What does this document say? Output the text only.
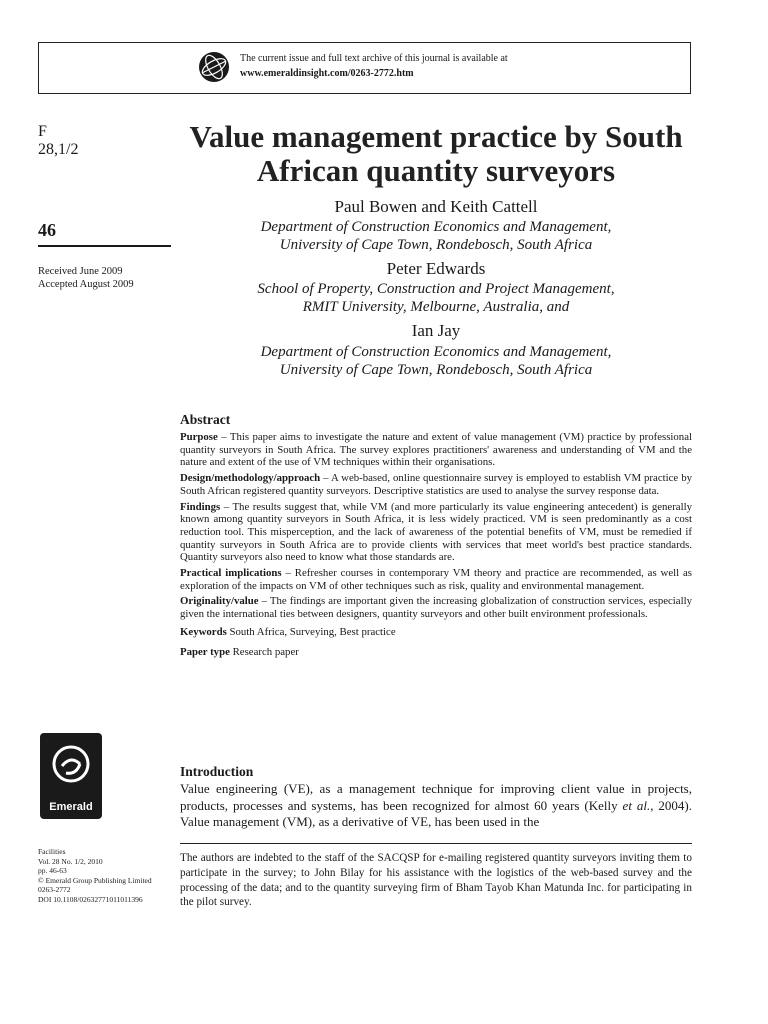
The current issue and full text archive of this journal is available at
www.emeraldinsight.com/0263-2772.htm
F
28,1/2
46
Received June 2009
Accepted August 2009
Value management practice by South African quantity surveyors
Paul Bowen and Keith Cattell
Department of Construction Economics and Management,
University of Cape Town, Rondebosch, South Africa
Peter Edwards
School of Property, Construction and Project Management,
RMIT University, Melbourne, Australia, and
Ian Jay
Department of Construction Economics and Management,
University of Cape Town, Rondebosch, South Africa
Abstract

Purpose – This paper aims to investigate the nature and extent of value management (VM) practice by professional quantity surveyors in South Africa. The survey explores practitioners' awareness and understanding of VM and the nature and extent of the use of VM techniques within their organisations.

Design/methodology/approach – A web-based, online questionnaire survey is employed to establish VM practice by South African registered quantity surveyors. Descriptive statistics are used to analyse the survey response data.

Findings – The results suggest that, while VM (and more particularly its value engineering antecedent) is generally known among quantity surveyors in South Africa, it is less widely practiced. VM is seen predominantly as a cost reduction tool. This misperception, and the lack of awareness of the potential benefits of VM, must be remedied if quantity surveyors in South Africa are to provide clients with services that meet world's best practice standards. Quantity surveyors also need to know what those standards are.

Practical implications – Refresher courses in contemporary VM theory and practice are recommended, as well as exploration of the impacts on VM of other techniques such as risk, quality and environmental management.

Originality/value – The findings are important given the increasing globalization of construction services, especially given the international ties between designers, quantity surveyors and other built environment professionals.

Keywords South Africa, Surveying, Best practice

Paper type Research paper

Introduction
Value engineering (VE), as a management technique for improving client value in projects, products, processes and systems, has been recognized for almost 60 years (Kelly et al., 2004). Value management (VM), as a derivative of VE, has been used in the
The authors are indebted to the staff of the SACQSP for e-mailing registered quantity surveyors inviting them to participate in the survey; to John Bilay for his assistance with the logistics of the web-based survey and the processing of the data; and to the quantity surveying firm of Bham Tayob Khan Matunda Inc. for participating in the pilot survey.
Emerald
Facilities
Vol. 28 No. 1/2, 2010
pp. 46-63
© Emerald Group Publishing Limited
0263-2772
DOI 10.1108/02632771011011396
